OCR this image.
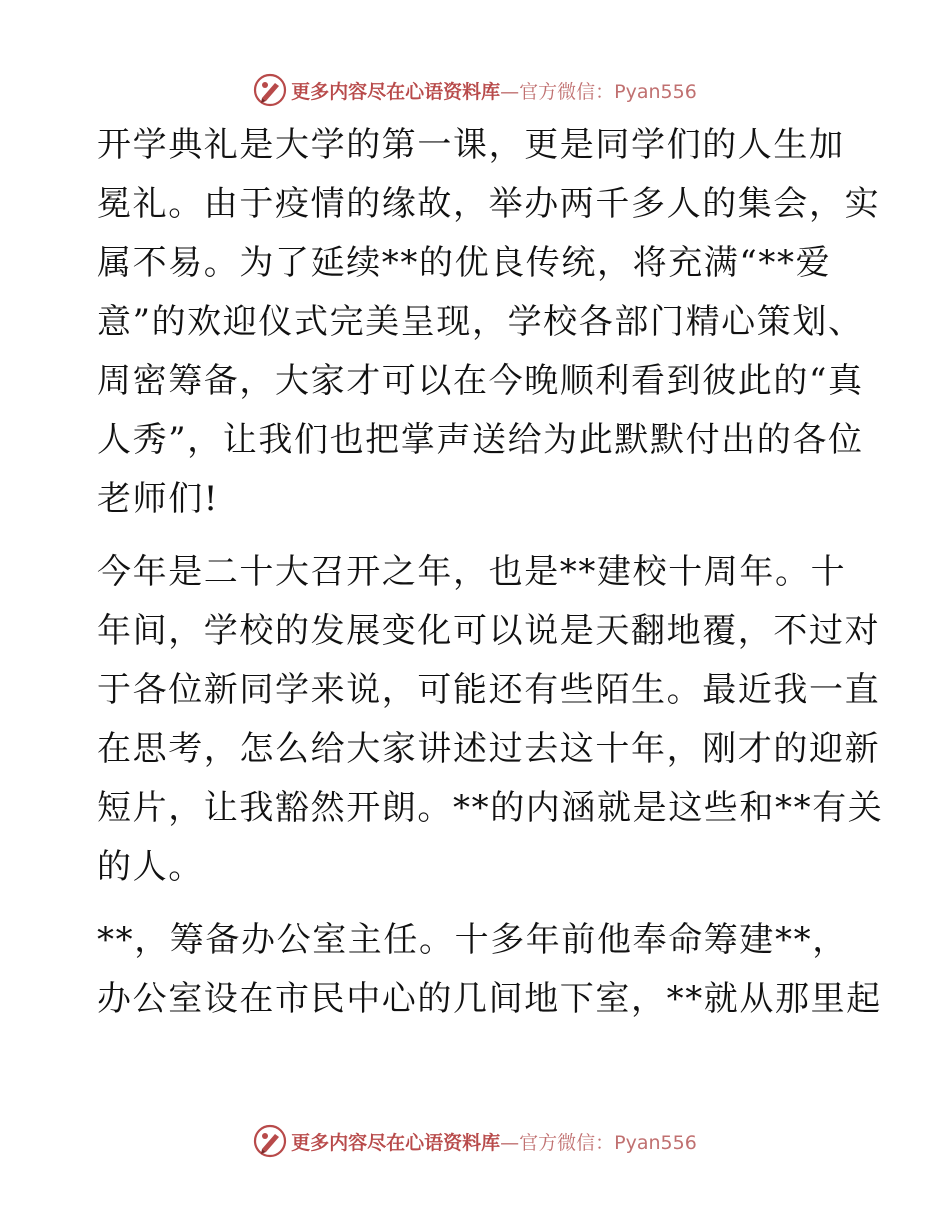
更多内容尽在心语资料库 —官方微信：Pyan556
开学典礼是大学的第一课，更是同学们的人生加
冕礼。由于疫情的缘故，举办两千多人的集会，实
属不易。为了延续**的优良传统，将充满“**爱
意”的欢迎仪式完美呈现，学校各部门精心策划、
周密筹备，大家才可以在今晚顺利看到彼此的“真
人秀”，让我们也把掌声送给为此默默付出的各位
老师们!
今年是二十大召开之年，也是**建校十周年。十
年间，学校的发展变化可以说是天翻地覆，不过对
于各位新同学来说，可能还有些陌生。最近我一直
在思考，怎么给大家讲述过去这十年，刚才的迎新
短片，让我豁然开朗。**的内涵就是这些和**有关
的人。
**，筹备办公室主任。十多年前他奉命筹建**，
办公室设在市民中心的几间地下室，**就从那里起
更多内容尽在心语资料库 —官方微信：Pyan556
